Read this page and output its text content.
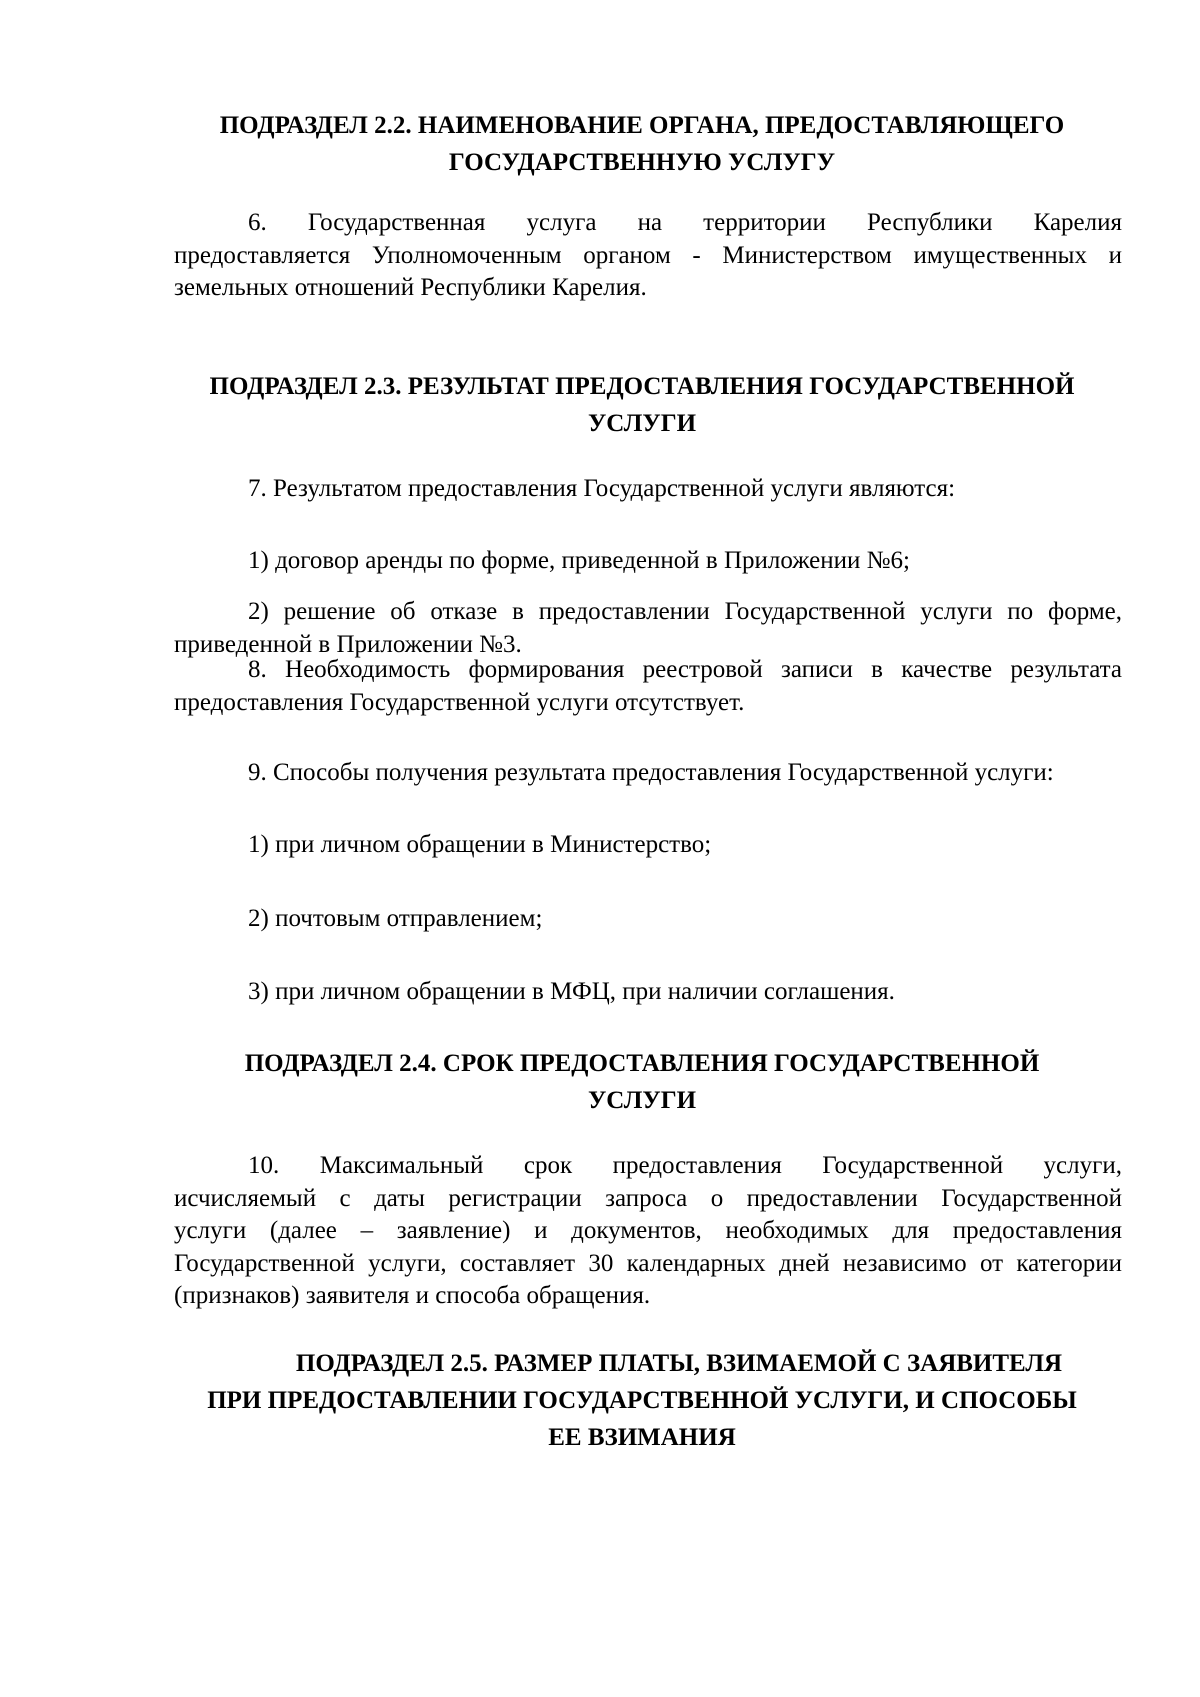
ПОДРАЗДЕЛ 2.2. НАИМЕНОВАНИЕ ОРГАНА, ПРЕДОСТАВЛЯЮЩЕГО
ГОСУДАРСТВЕННУЮ УСЛУГУ
6. Государственная услуга на территории Республики Карелия
предоставляется Уполномоченным органом - Министерством имущественных и
земельных отношений Республики Карелия.
ПОДРАЗДЕЛ 2.3. РЕЗУЛЬТАТ ПРЕДОСТАВЛЕНИЯ ГОСУДАРСТВЕННОЙ
УСЛУГИ
7. Результатом предоставления Государственной услуги являются:
1) договор аренды по форме, приведенной в Приложении №6;
2) решение об отказе в предоставлении Государственной услуги по форме,
приведенной в Приложении №3.
8. Необходимость формирования реестровой записи в качестве результата
предоставления Государственной услуги отсутствует.
9. Способы получения результата предоставления Государственной услуги:
1) при личном обращении в Министерство;
2) почтовым отправлением;
3) при личном обращении в МФЦ, при наличии соглашения.
ПОДРАЗДЕЛ 2.4. СРОК ПРЕДОСТАВЛЕНИЯ ГОСУДАРСТВЕННОЙ
УСЛУГИ
10. Максимальный срок предоставления Государственной услуги,
исчисляемый с даты регистрации запроса о предоставлении Государственной
услуги (далее – заявление) и документов, необходимых для предоставления
Государственной услуги, составляет 30 календарных дней независимо от категории
(признаков) заявителя и способа обращения.
ПОДРАЗДЕЛ 2.5. РАЗМЕР ПЛАТЫ, ВЗИМАЕМОЙ С ЗАЯВИТЕЛЯ
ПРИ ПРЕДОСТАВЛЕНИИ ГОСУДАРСТВЕННОЙ УСЛУГИ, И СПОСОБЫ
ЕЕ ВЗИМАНИЯ
